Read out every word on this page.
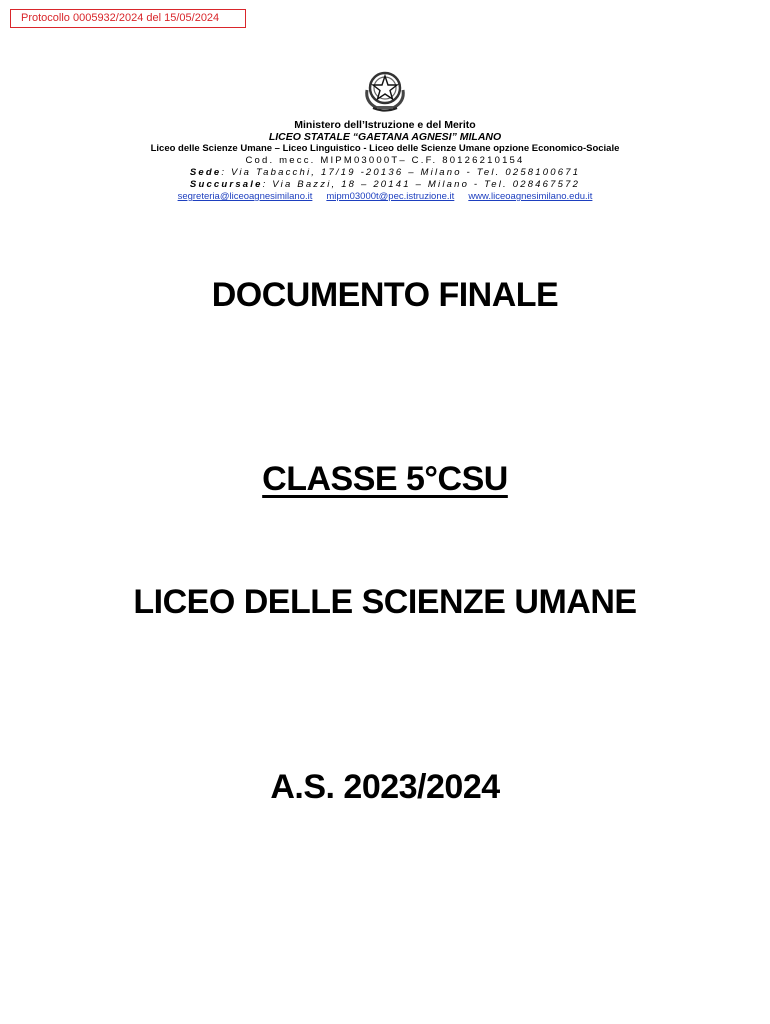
Protocollo 0005932/2024 del 15/05/2024
Ministero dell’Istruzione e del Merito
LICEO STATALE “GAETANA AGNESI” MILANO
Liceo delle Scienze Umane – Liceo Linguistico - Liceo delle Scienze Umane opzione Economico-Sociale
Cod. mecc. MIPM03000T– C.F. 80126210154
Sede: Via Tabacchi, 17/19 -20136 – Milano - Tel. 0258100671
Succursale: Via Bazzi, 18 – 20141 – Milano - Tel. 028467572
segreteria@liceoagnesimilano.it mipm03000t@pec.istruzione.it www.liceoagnesimilano.edu.it
DOCUMENTO FINALE
CLASSE 5°CSU
LICEO DELLE SCIENZE UMANE
A.S. 2023/2024
